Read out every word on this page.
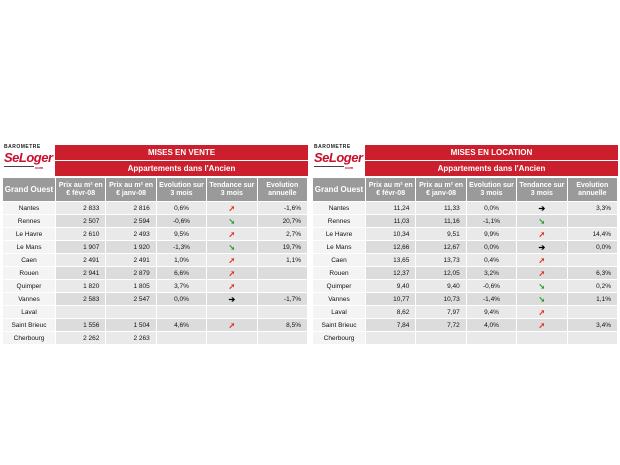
BAROMETRE
SeLoger
com
MISES EN VENTE
Appartements dans l'Ancien
Grand Ouest	Prix au m² en € févr-08	Prix au m² en € janv-08	Evolution sur 3 mois	Tendance sur 3 mois	Evolution annuelle
Nantes	2 833	2 816	0,6%	➚	-1,6%
Rennes	2 507	2 594	-0,6%	➘	20,7%
Le Havre	2 610	2 493	9,5%	➚	2,7%
Le Mans	1 907	1 920	-1,3%	➘	19,7%
Caen	2 491	2 491	1,0%	➚	1,1%
Rouen	2 941	2 879	6,6%	➚	
Quimper	1 820	1 805	3,7%	➚	
Vannes	2 583	2 547	0,0%	➔	-1,7%
Laval					
Saint Brieuc	1 556	1 504	4,6%	➚	8,5%
Cherbourg	2 262	2 263			
BAROMETRE
SeLoger
com
MISES EN LOCATION
Appartements dans l'Ancien
Grand Ouest	Prix au m² en € févr-08	Prix au m² en € janv-08	Evolution sur 3 mois	Tendance sur 3 mois	Evolution annuelle
Nantes	11,24	11,33	0,0%	➔	3,3%
Rennes	11,03	11,16	-1,1%	➘	
Le Havre	10,34	9,51	9,9%	➚	14,4%
Le Mans	12,66	12,67	0,0%	➔	0,0%
Caen	13,65	13,73	0,4%	➚	
Rouen	12,37	12,05	3,2%	➚	6,3%
Quimper	9,40	9,40	-0,6%	➘	0,2%
Vannes	10,77	10,73	-1,4%	➘	1,1%
Laval	8,62	7,97	9,4%	➚	
Saint Brieuc	7,84	7,72	4,0%	➚	3,4%
Cherbourg					
